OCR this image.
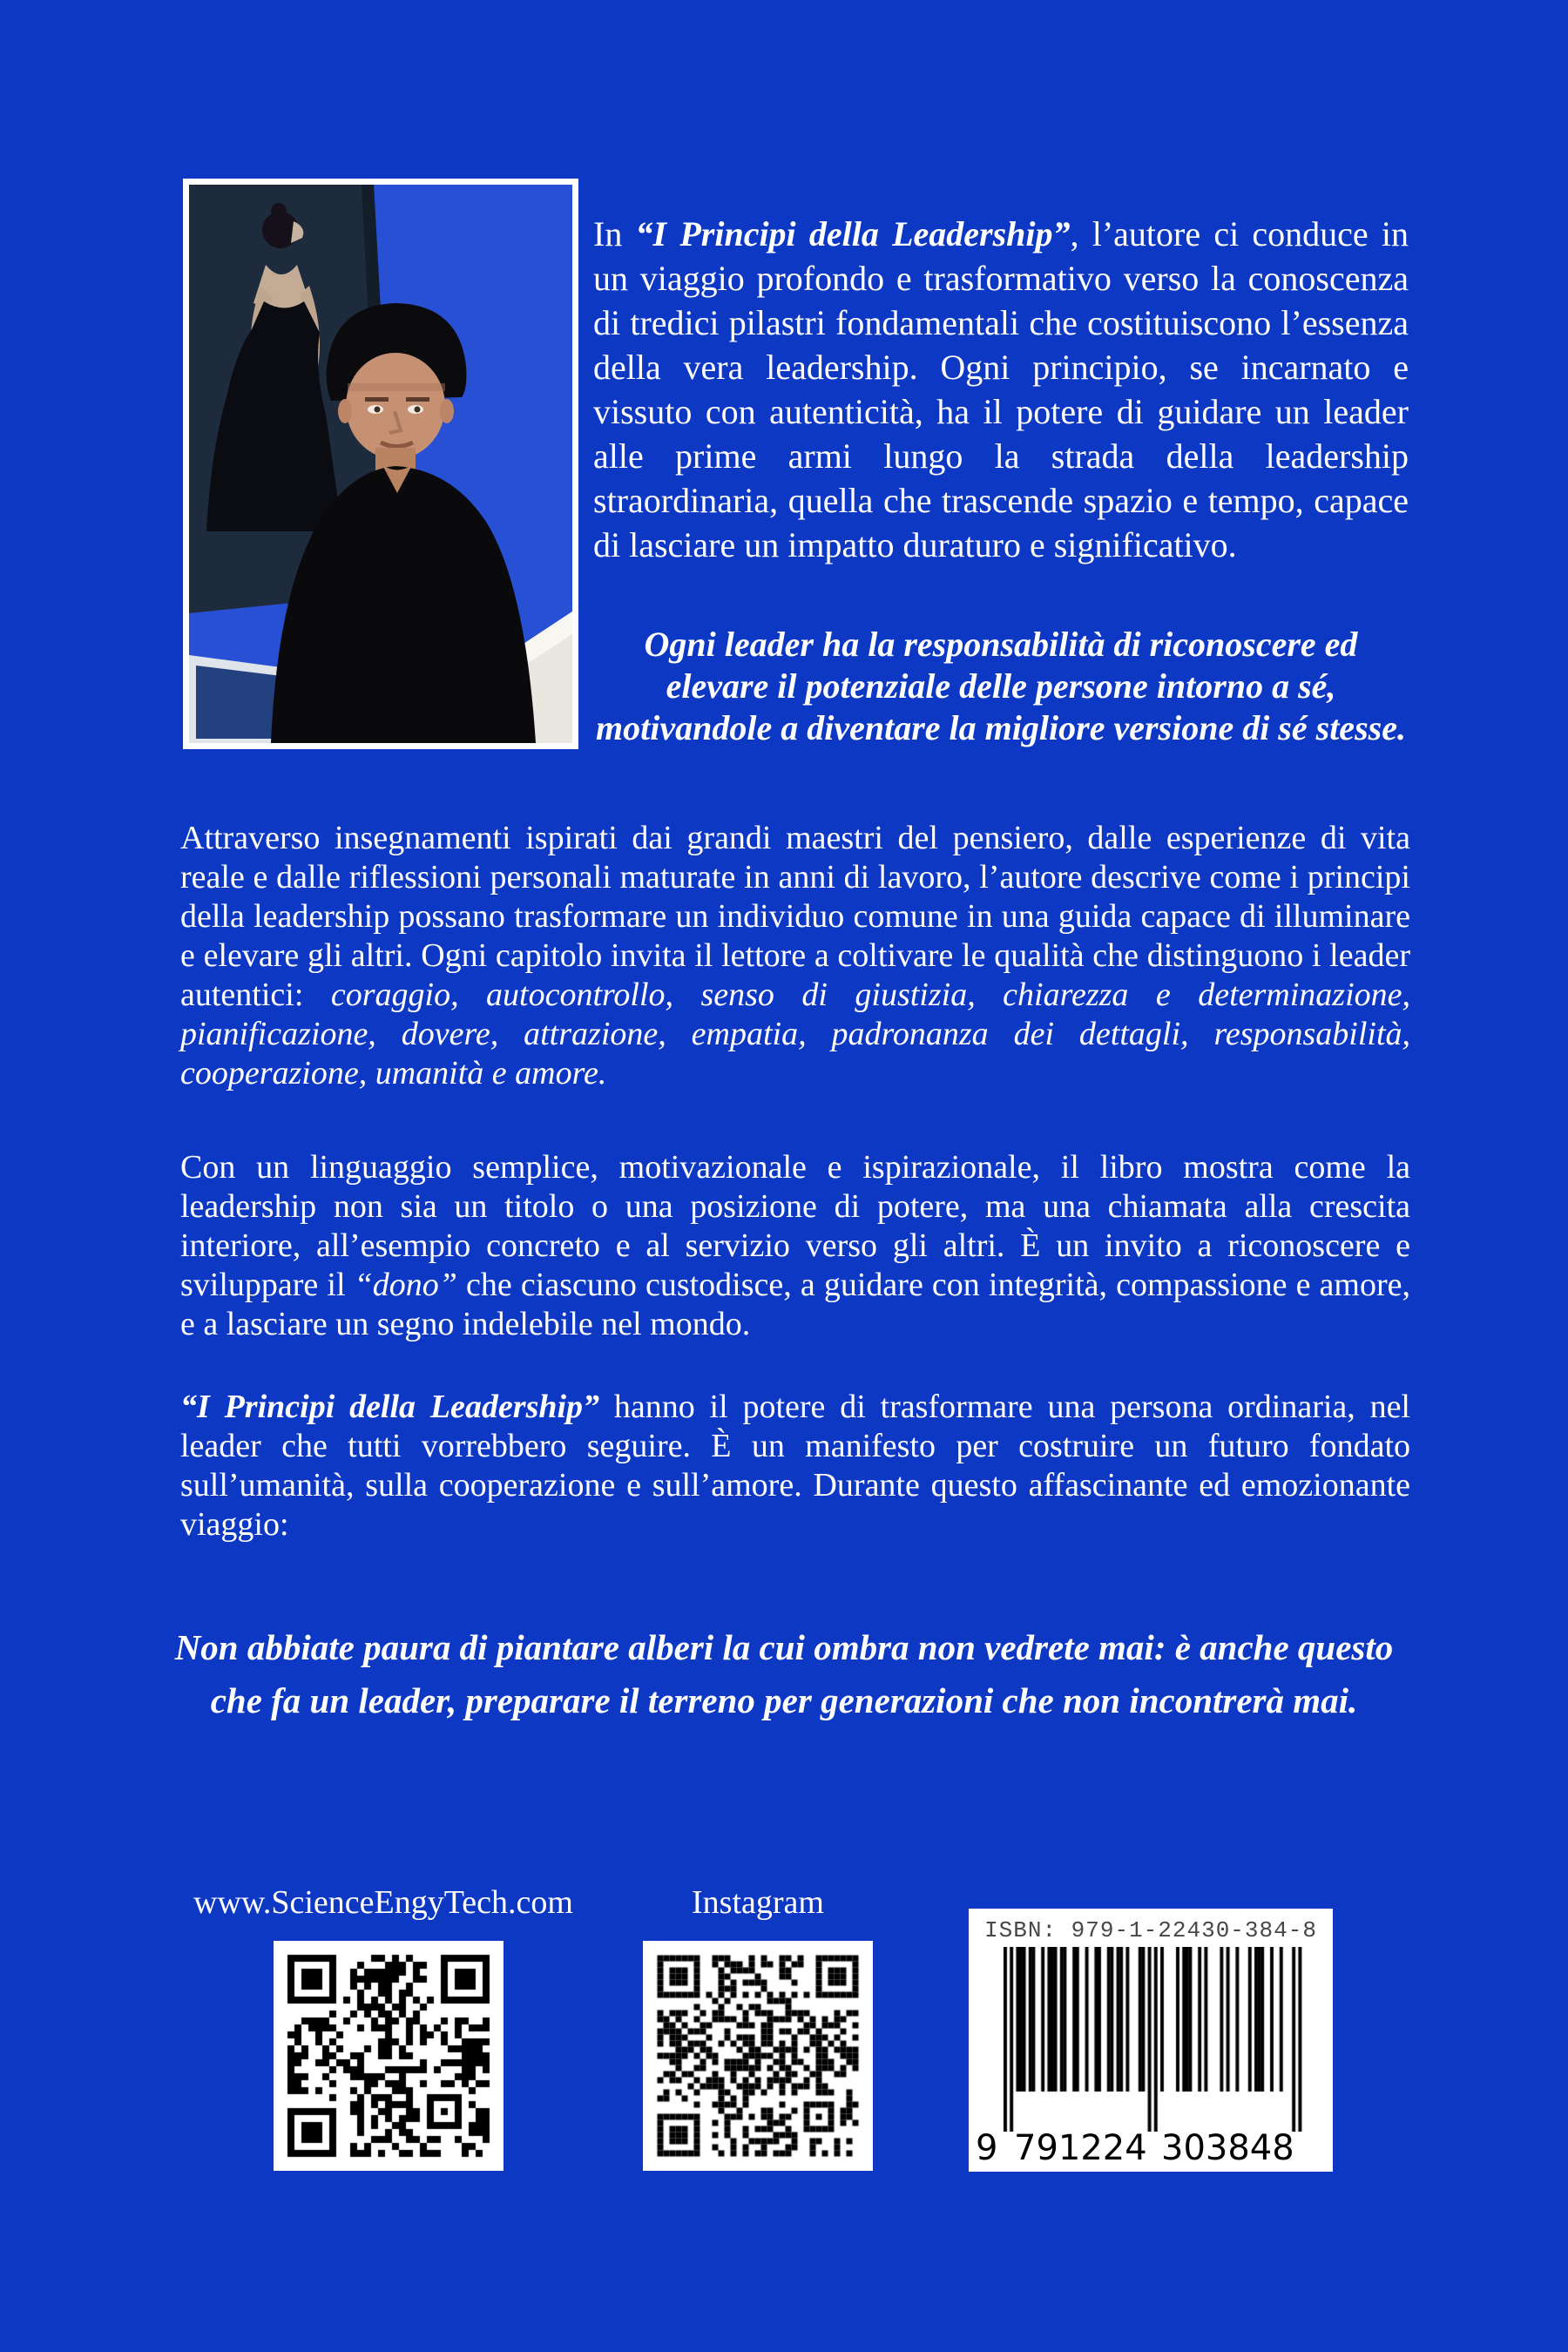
In “I Principi della Leadership”, l’autore ci conduce in un viaggio profondo e trasformativo verso la conoscenza di tredici pilastri fondamentali che costituiscono l’essenza della vera leadership. Ogni principio, se incarnato e vissuto con autenticità, ha il potere di guidare un leader alle prime armi lungo la strada della leadership straordinaria, quella che trascende spazio e tempo, capace di lasciare un impatto duraturo e significativo.

Ogni leader ha la responsabilità di riconoscere ed elevare il potenziale delle persone intorno a sé, motivandole a diventare la migliore versione di sé stesse.

Attraverso insegnamenti ispirati dai grandi maestri del pensiero, dalle esperienze di vita reale e dalle riflessioni personali maturate in anni di lavoro, l’autore descrive come i principi della leadership possano trasformare un individuo comune in una guida capace di illuminare e elevare gli altri. Ogni capitolo invita il lettore a coltivare le qualità che distinguono i leader autentici: coraggio, autocontrollo, senso di giustizia, chiarezza e determinazione, pianificazione, dovere, attrazione, empatia, padronanza dei dettagli, responsabilità, cooperazione, umanità e amore.

Con un linguaggio semplice, motivazionale e ispirazionale, il libro mostra come la leadership non sia un titolo o una posizione di potere, ma una chiamata alla crescita interiore, all’esempio concreto e al servizio verso gli altri. È un invito a riconoscere e sviluppare il “dono” che ciascuno custodisce, a guidare con integrità, compassione e amore, e a lasciare un segno indelebile nel mondo.

“I Principi della Leadership” hanno il potere di trasformare una persona ordinaria, nel leader che tutti vorrebbero seguire. È un manifesto per costruire un futuro fondato sull’umanità, sulla cooperazione e sull’amore. Durante questo affascinante ed emozionante viaggio:

Non abbiate paura di piantare alberi la cui ombra non vedrete mai: è anche questo che fa un leader, preparare il terreno per generazioni che non incontrerà mai.

www.ScienceEngyTech.com	Instagram
ISBN: 979-1-22430-384-8
9 791224 303848
